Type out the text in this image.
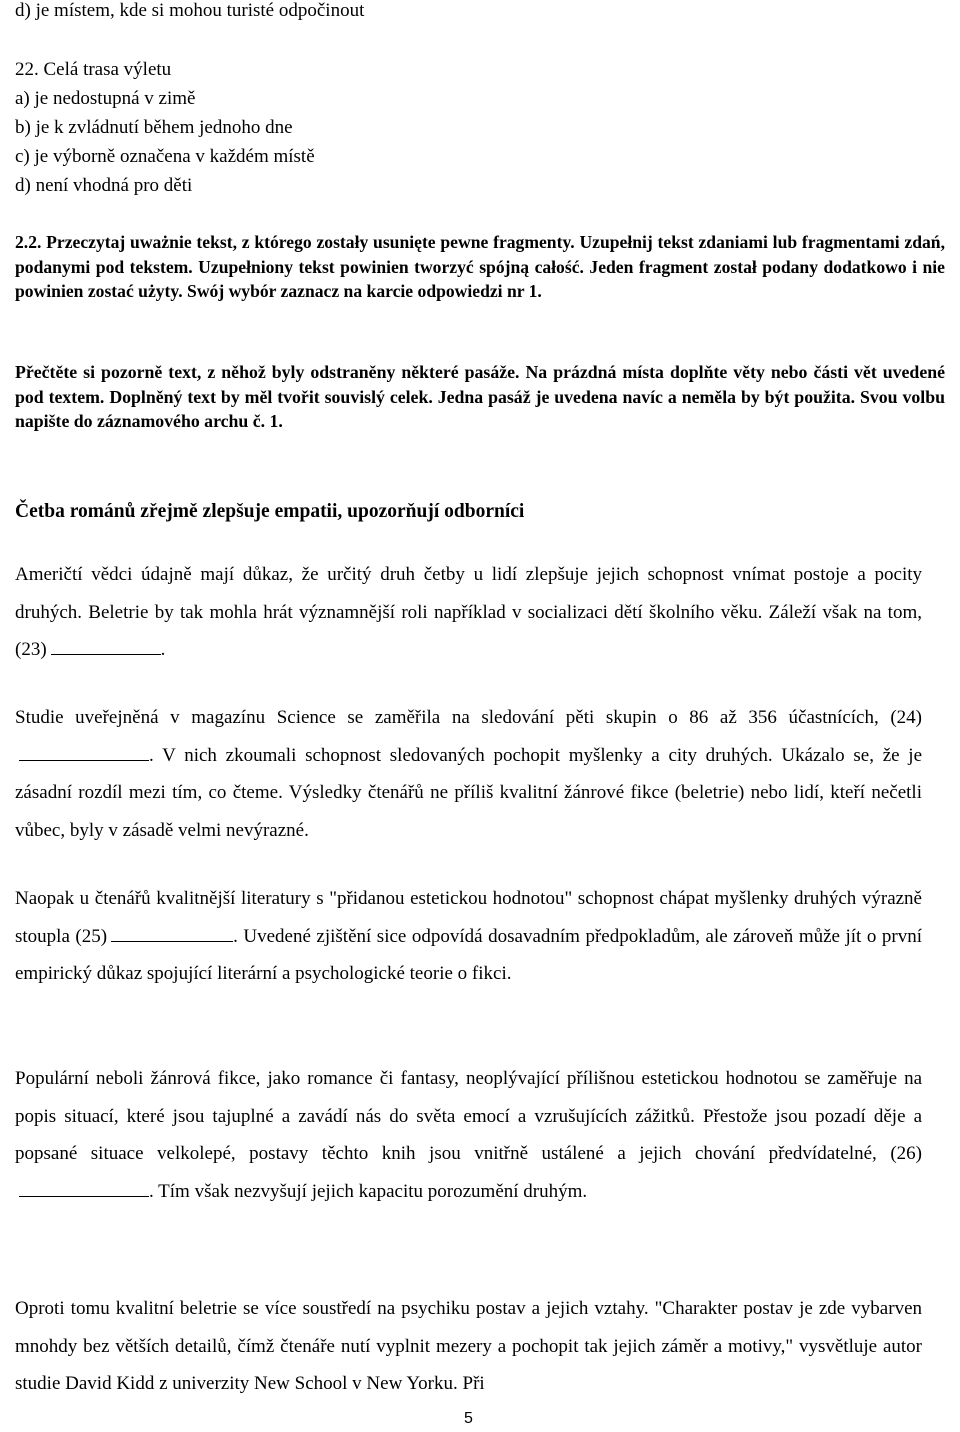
d) je místem, kde si mohou turisté odpočinout
22. Celá trasa výletu
a) je nedostupná v zimě
b) je k zvládnutí během jednoho dne
c) je výborně označena v každém místě
d) není vhodná pro děti
2.2. Przeczytaj uważnie tekst, z którego zostały usunięte pewne fragmenty. Uzupełnij tekst zdaniami lub fragmentami zdań, podanymi pod tekstem. Uzupełniony tekst powinien tworzyć spójną całość. Jeden fragment został podany dodatkowo i nie powinien zostać użyty. Swój wybór zaznacz na karcie odpowiedzi nr 1.
Přečtěte si pozorně text, z něhož byly odstraněny některé pasáže. Na prázdná místa doplňte věty nebo části vět uvedené pod textem. Doplněný text by měl tvořit souvislý celek. Jedna pasáž je uvedena navíc a neměla by být použita. Svou volbu napište do záznamového archu č. 1.
Četba románů zřejmě zlepšuje empatii, upozorňují odborníci
Američtí vědci údajně mají důkaz, že určitý druh četby u lidí zlepšuje jejich schopnost vnímat postoje a pocity druhých. Beletrie by tak mohla hrát významnější roli například v socializaci dětí školního věku. Záleží však na tom, (23)	.
Studie uveřejněná v magazínu Science se zaměřila na sledování pěti skupin o 86 až 356 účastnících, (24). V nich zkoumali schopnost sledovaných pochopit myšlenky a city druhých. Ukázalo se, že je zásadní rozdíl mezi tím, co čteme. Výsledky čtenářů ne příliš kvalitní žánrové fikce (beletrie) nebo lidí, kteří nečetli vůbec, byly v zásadě velmi nevýrazné.
Naopak u čtenářů kvalitnější literatury s "přidanou estetickou hodnotou" schopnost chápat myšlenky druhých výrazně stoupla (25)	. Uvedené zjištění sice odpovídá dosavadním předpokladům, ale zároveň může jít o první empirický důkaz spojující literární a psychologické teorie o fikci.
Populární neboli žánrová fikce, jako romance či fantasy, neoplývající přílišnou estetickou hodnotou se zaměřuje na popis situací, které jsou tajuplné a zavádí nás do světa emocí a vzrušujících zážitků. Přestože jsou pozadí děje a popsané situace velkolepé, postavy těchto knih jsou vnitřně ustálené a jejich chování předvídatelné, (26). Tím však nezvyšují jejich kapacitu porozumění druhým.
Oproti tomu kvalitní beletrie se více soustředí na psychiku postav a jejich vztahy. "Charakter postav je zde vybarven mnohdy bez větších detailů, čímž čtenáře nutí vyplnit mezery a pochopit tak jejich záměr a motivy," vysvětluje autor studie David Kidd z univerzity New School v New Yorku. Při
5
